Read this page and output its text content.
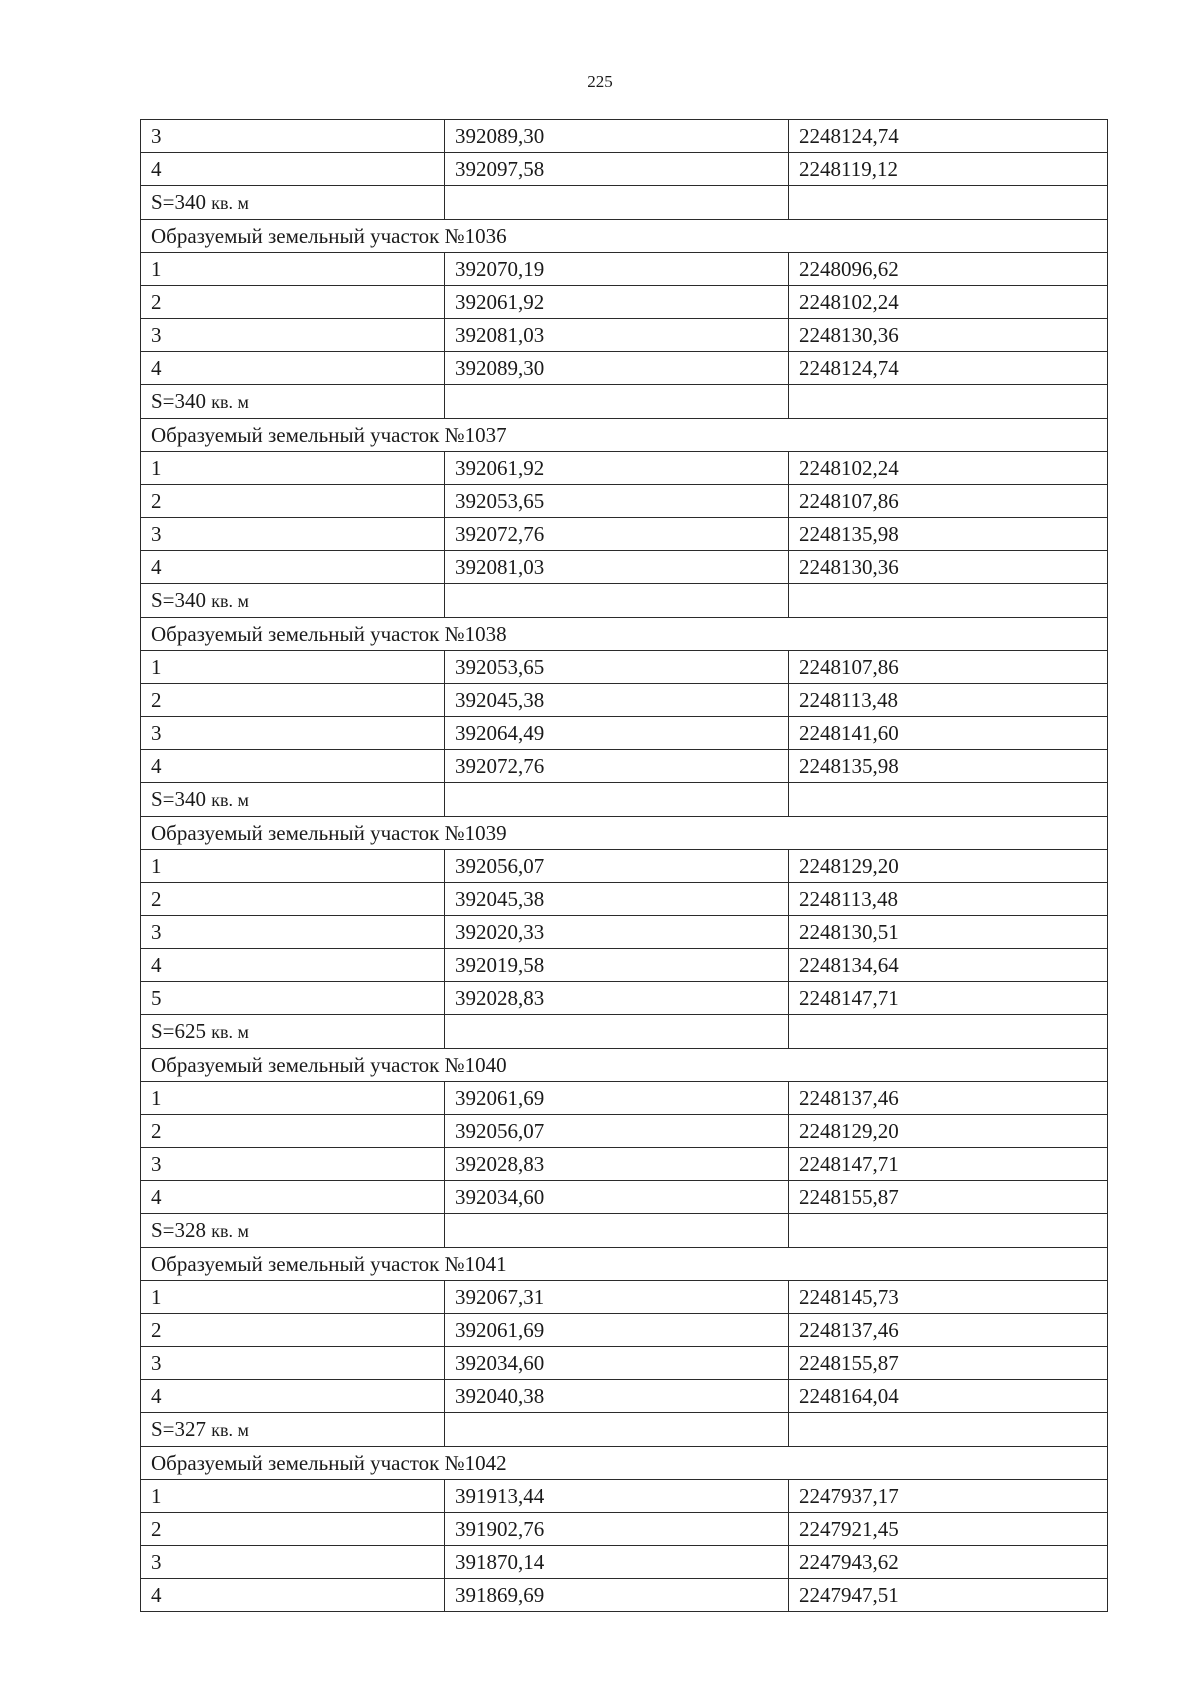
225
3	392089,30	2248124,74
4	392097,58	2248119,12
S=340 кв. м		
Образуемый земельный участок №1036		
1	392070,19	2248096,62
2	392061,92	2248102,24
3	392081,03	2248130,36
4	392089,30	2248124,74
S=340 кв. м		
Образуемый земельный участок №1037		
1	392061,92	2248102,24
2	392053,65	2248107,86
3	392072,76	2248135,98
4	392081,03	2248130,36
S=340 кв. м		
Образуемый земельный участок №1038		
1	392053,65	2248107,86
2	392045,38	2248113,48
3	392064,49	2248141,60
4	392072,76	2248135,98
S=340 кв. м		
Образуемый земельный участок №1039		
1	392056,07	2248129,20
2	392045,38	2248113,48
3	392020,33	2248130,51
4	392019,58	2248134,64
5	392028,83	2248147,71
S=625 кв. м		
Образуемый земельный участок №1040		
1	392061,69	2248137,46
2	392056,07	2248129,20
3	392028,83	2248147,71
4	392034,60	2248155,87
S=328 кв. м		
Образуемый земельный участок №1041		
1	392067,31	2248145,73
2	392061,69	2248137,46
3	392034,60	2248155,87
4	392040,38	2248164,04
S=327 кв. м		
Образуемый земельный участок №1042		
1	391913,44	2247937,17
2	391902,76	2247921,45
3	391870,14	2247943,62
4	391869,69	2247947,51
